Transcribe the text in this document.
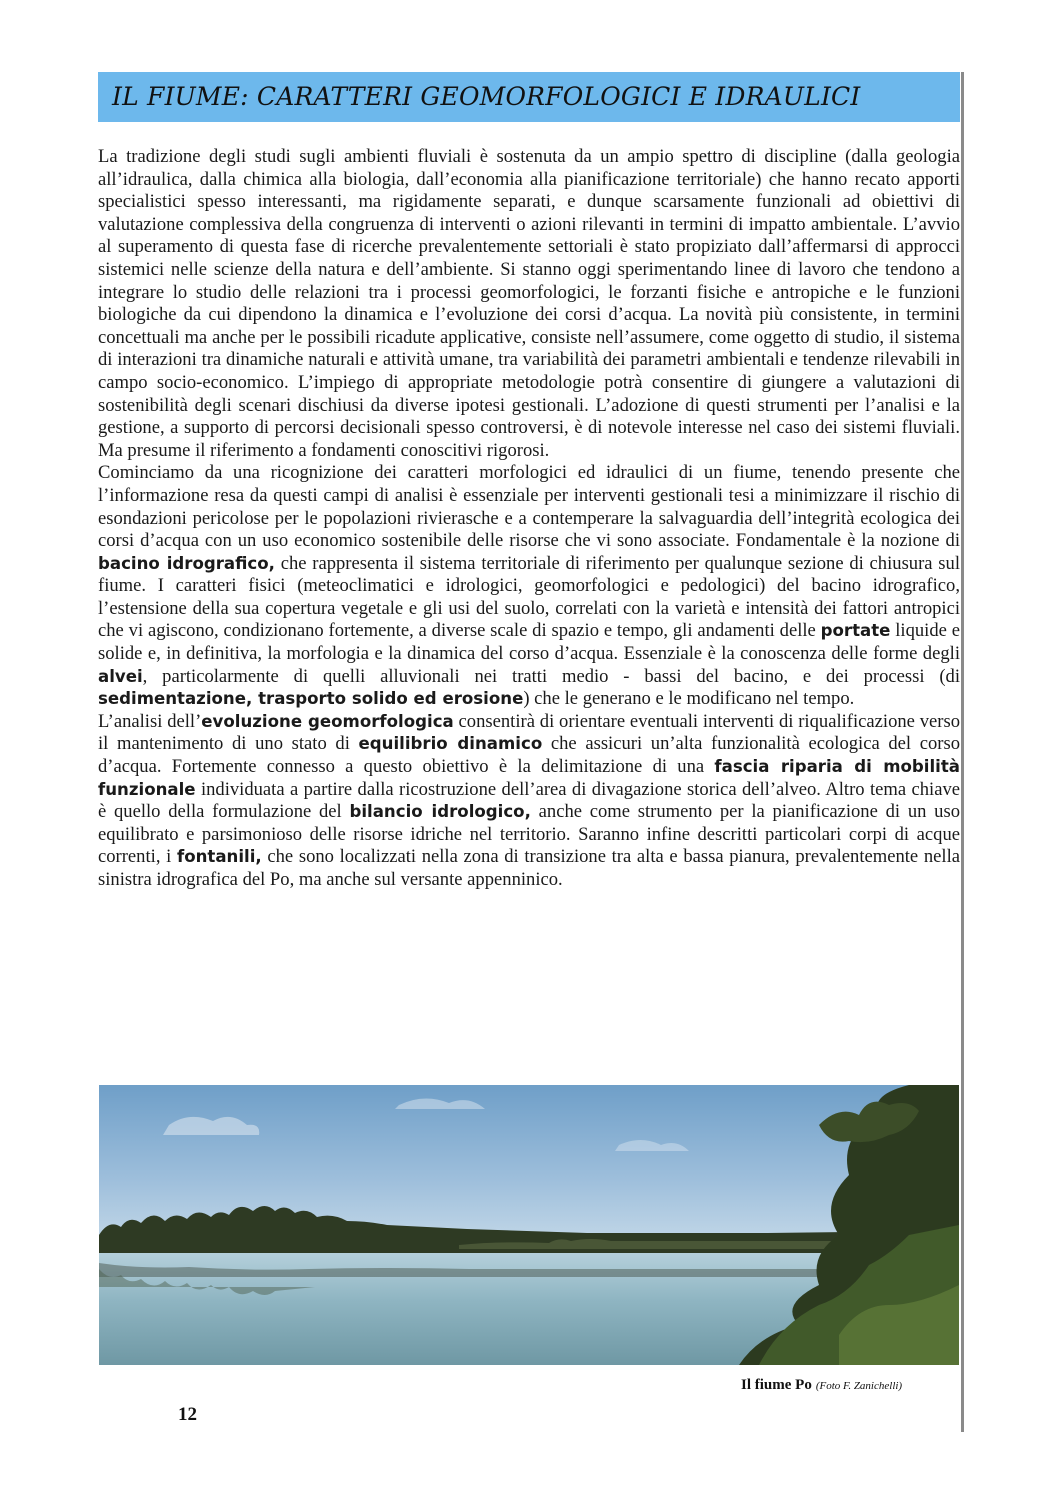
IL FIUME: CARATTERI GEOMORFOLOGICI E IDRAULICI

La tradizione degli studi sugli ambienti fluviali è sostenuta da un ampio spettro di discipline (dalla geologia all’idraulica, dalla chimica alla biologia, dall’economia alla pianificazione territoriale) che hanno recato apporti specialistici spesso interessanti, ma rigidamente separati, e dunque scarsamente funzionali ad obiettivi di valutazione complessiva della congruenza di interventi o azioni rilevanti in termini di impatto ambientale. L’avvio al superamento di questa fase di ricerche prevalentemente settoriali è stato propiziato dall’affermarsi di approcci sistemici nelle scienze della natura e dell’ambiente. Si stanno oggi sperimentando linee di lavoro che tendono a integrare lo studio delle relazioni tra i processi geomorfologici, le forzanti fisiche e antropiche e le funzioni biologiche da cui dipendono la dinamica e l’evoluzione dei corsi d’acqua. La novità più consistente, in termini concettuali ma anche per le possibili ricadute applicative, consiste nell’assumere, come oggetto di studio, il sistema di interazioni tra dinamiche naturali e attività umane, tra variabilità dei parametri ambientali e tendenze rilevabili in campo socio-economico. L’impiego di appropriate metodologie potrà consentire di giungere a valutazioni di sostenibilità degli scenari dischiusi da diverse ipotesi gestionali. L’adozione di questi strumenti per l’analisi e la gestione, a supporto di percorsi decisionali spesso controversi, è di notevole interesse nel caso dei sistemi fluviali. Ma presume il riferimento a fondamenti conoscitivi rigorosi.

Cominciamo da una ricognizione dei caratteri morfologici ed idraulici di un fiume, tenendo presente che l’informazione resa da questi campi di analisi è essenziale per interventi gestionali tesi a minimizzare il rischio di esondazioni pericolose per le popolazioni rivierasche e a contemperare la salvaguardia dell’integrità ecologica dei corsi d’acqua con un uso economico sostenibile delle risorse che vi sono associate. Fondamentale è la nozione di bacino idrografico, che rappresenta il sistema territoriale di riferimento per qualunque sezione di chiusura sul fiume. I caratteri fisici (meteoclimatici e idrologici, geomorfologici e pedologici) del bacino idrografico, l’estensione della sua copertura vegetale e gli usi del suolo, correlati con la varietà e intensità dei fattori antropici che vi agiscono, condizionano fortemente, a diverse scale di spazio e tempo, gli andamenti delle portate liquide e solide e, in definitiva, la morfologia e la dinamica del corso d’acqua. Essenziale è la conoscenza delle forme degli alvei, particolarmente di quelli alluvionali nei tratti medio - bassi del bacino, e dei processi (di sedimentazione, trasporto solido ed erosione) che le generano e le modificano nel tempo.

L’analisi dell’evoluzione geomorfologica consentirà di orientare eventuali interventi di riqualificazione verso il mantenimento di uno stato di equilibrio dinamico che assicuri un’alta funzionalità ecologica del corso d’acqua. Fortemente connesso a questo obiettivo è la delimitazione di una fascia riparia di mobilità funzionale individuata a partire dalla ricostruzione dell’area di divagazione storica dell’alveo. Altro tema chiave è quello della formulazione del bilancio idrologico, anche come strumento per la pianificazione di un uso equilibrato e parsimonioso delle risorse idriche nel territorio. Saranno infine descritti particolari corpi di acque correnti, i fontanili, che sono localizzati nella zona di transizione tra alta e bassa pianura, prevalentemente nella sinistra idrografica del Po, ma anche sul versante appenninico.

Il fiume Po (Foto F. Zanichelli)
12
